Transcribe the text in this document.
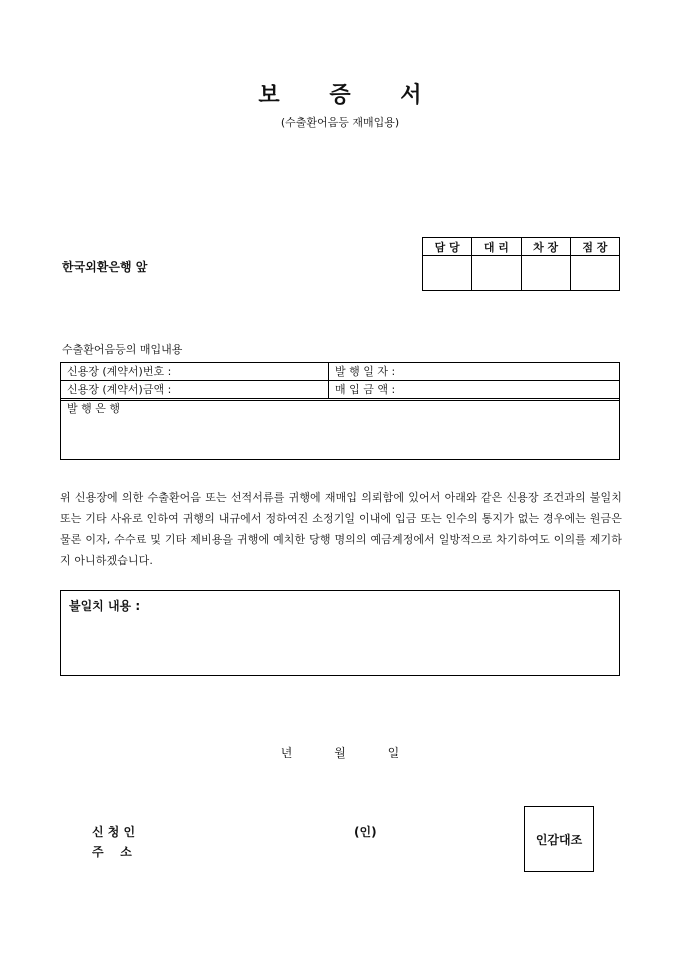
보 증 서
(수출환어음등 재매입용)
한국외환은행 앞
담 당	대 리	차 장	점 장

수출환어음등의 매입내용
신용장 (계약서)번호 :	발 행 일 자 :
신용장 (계약서)금액 :	매 입 금 액 :
발 행 은 행
위 신용장에 의한 수출환어음 또는 선적서류를 귀행에 재매입 의뢰함에 있어서 아래와 같은 신용장 조건과의 불일치 또는 기타 사유로 인하여 귀행의 내규에서 정하여진 소정기일 이내에 입금 또는 인수의 통지가 없는 경우에는 원금은 물론 이자, 수수료 및 기타 제비용을 귀행에 예치한 당행 명의의 예금계정에서 일방적으로 차기하여도 이의를 제기하지 아니하겠습니다.
불일치 내용 :
년	월	일
신 청 인
주    소
(인)
인감대조
